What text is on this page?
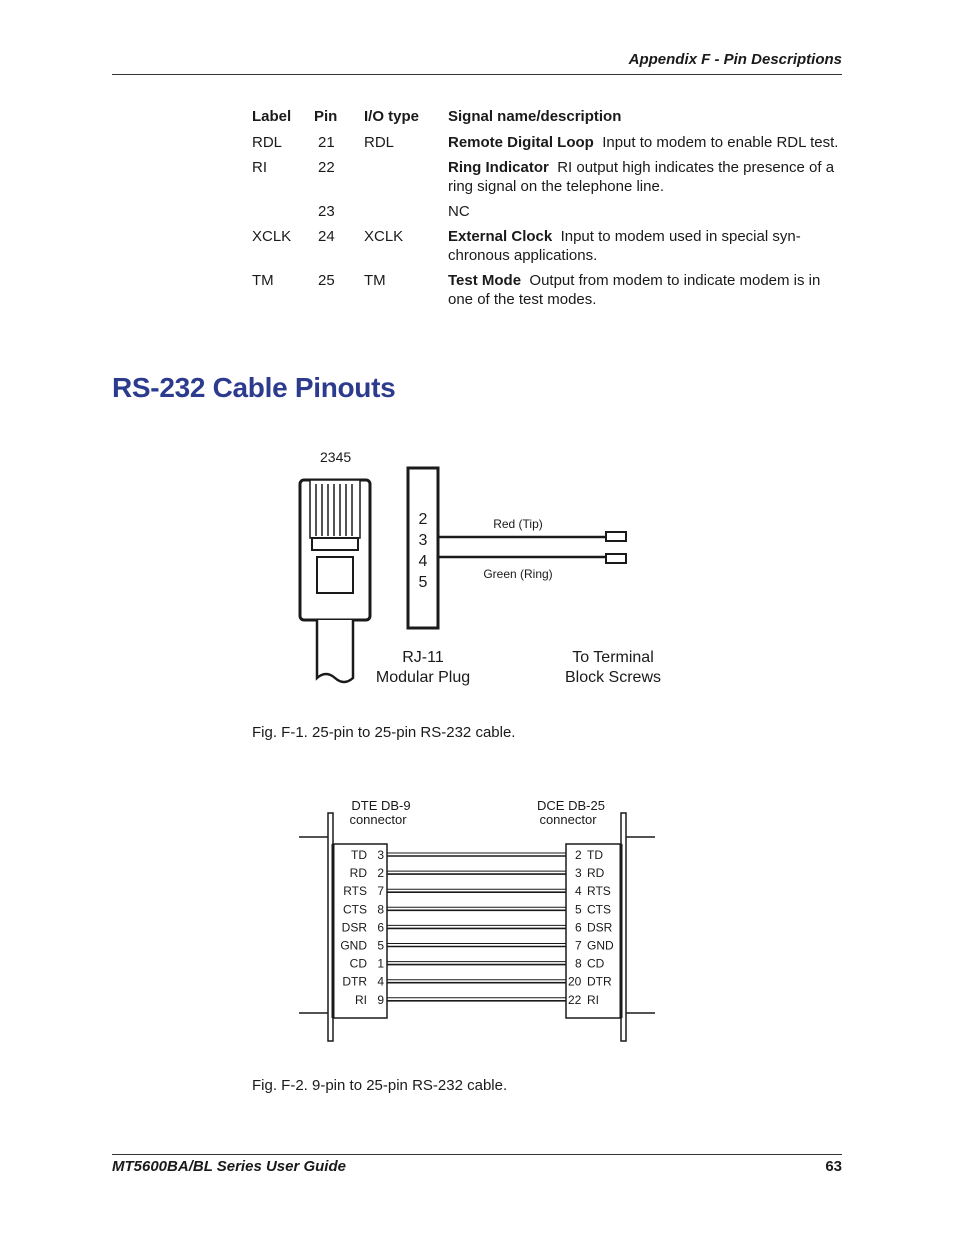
Appendix F - Pin Descriptions
Label	Pin	I/O type	Signal name/description
RDL	21	RDL	Remote Digital Loop Input to modem to enable RDL test.
RI	22		Ring Indicator RI output high indicates the presence of a ring signal on the telephone line.
	23		NC
XCLK	24	XCLK	External Clock Input to modem used in special syn-chronous applications.
TM	25	TM	Test Mode Output from modem to indicate modem is in one of the test modes.
RS-232 Cable Pinouts
2345
2
3
4
5
Red (Tip)
Green (Ring)
RJ-11
Modular Plug
To Terminal
Block Screws
Fig. F-1. 25-pin to 25-pin RS-232 cable.
DTE DB-9
connector
DCE DB-25
connector
TD 3	2 TD
RD 2	3 RD
RTS 7	4 RTS
CTS 8	5 CTS
DSR 6	6 DSR
GND 5	7 GND
CD 1	8 CD
DTR 4	20 DTR
RI 9	22 RI
Fig. F-2. 9-pin to 25-pin RS-232 cable.
MT5600BA/BL Series User Guide	63
